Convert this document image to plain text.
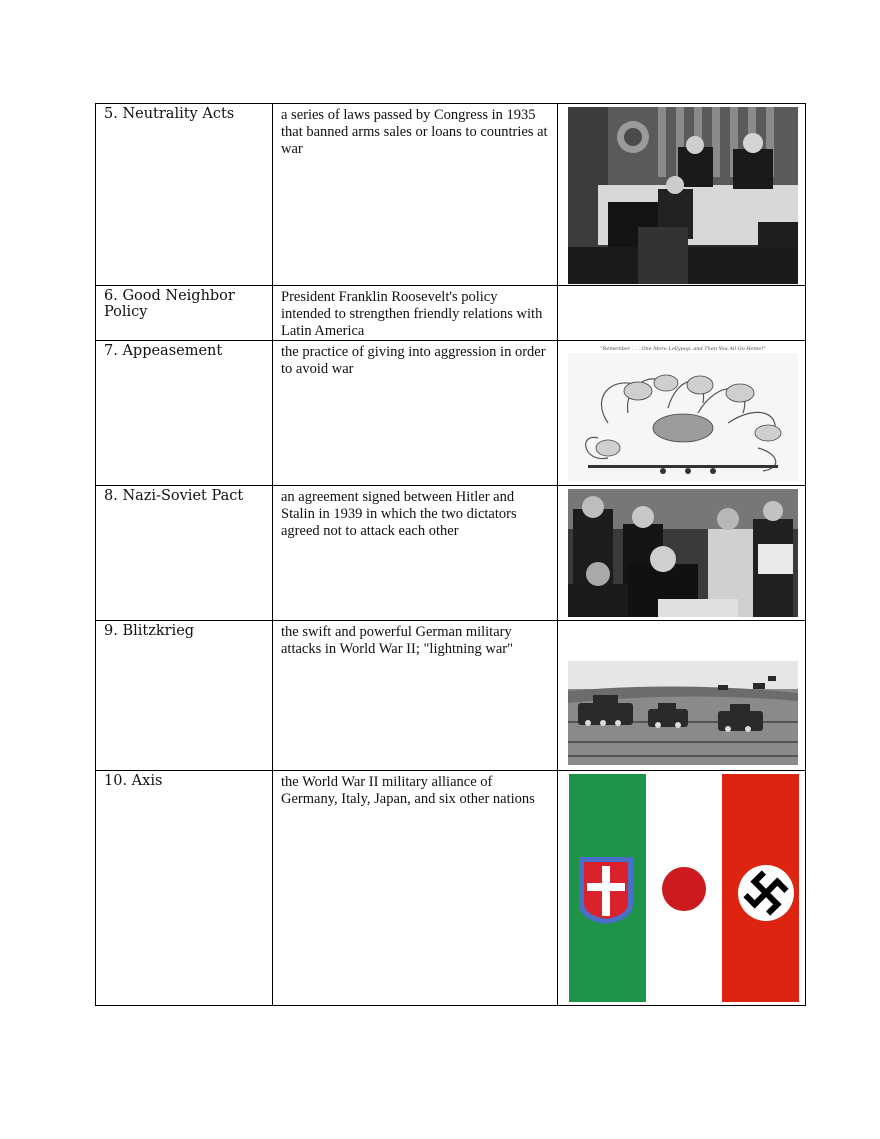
5. Neutrality Acts	a series of laws passed by Congress in 1935 that banned arms sales or loans to countries at war

6. Good Neighbor Policy	President Franklin Roosevelt's policy intended to strengthen friendly relations with Latin America	

7. Appeasement	the practice of giving into aggression in order to avoid war	"Remember . . . One More Lollypop, and Then You All Go Home!"

8. Nazi-Soviet Pact	an agreement signed between Hitler and Stalin in 1939 in which the two dictators agreed not to attack each other

9. Blitzkrieg	the swift and powerful German military attacks in World War II; "lightning war"

10. Axis	the World War II military alliance of Germany, Italy, Japan, and six other nations
